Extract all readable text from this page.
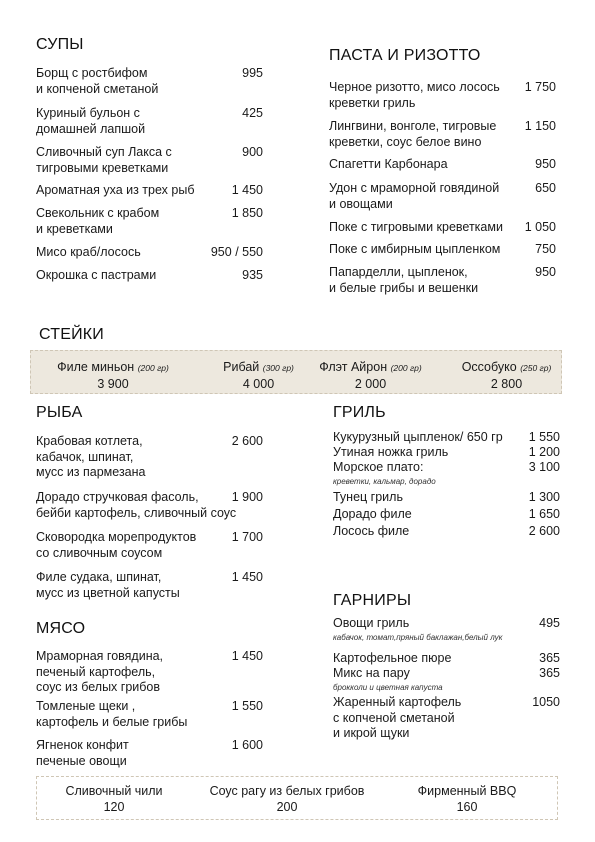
СУПЫ
Борщ с ростбифом
и копченой сметаной
995
Куриный бульон с
домашней лапшой
425
Сливочный суп Лакса с
тигровыми креветками
900
Ароматная уха из трех рыб	1 450
Свекольник с крабом
и креветками
1 850
Мисо краб/лосось	950 / 550
Окрошка с пастрами	935
ПАСТА И РИЗОТТО
Черное ризотто, мисо лосось
креветки гриль
1 750
Лингвини, вонголе, тигровые
креветки, соус белое вино
1 150
Спагетти Карбонара	950
Удон с мраморной говядиной
и овощами
650
Поке с тигровыми креветками	1 050
Поке с имбирным цыпленком	750
Папарделли, цыпленок,
и белые грибы и вешенки
950
СТЕЙКИ
Филе миньон (200 гр)
3 900
Рибай (300 гр)
4 000
Флэт Айрон (200 гр)
2 000
Оссобуко (250 гр)
2 800
РЫБА
Крабовая котлета,
кабачок, шпинат,
мусс из пармезана
2 600
Дорадо стручковая фасоль,
бейби картофель, сливочный соус
1 900
Сковородка морепродуктов
со сливочным соусом
1 700
Филе судака, шпинат,
мусс из цветной капусты
1 450
МЯСО
Мраморная говядина,
печеный картофель,
соус из белых грибов
1 450
Томленые щеки ,
картофель и белые грибы
1 550
Ягненок конфит
печеные овощи
1 600
ГРИЛЬ
Кукурузный цыпленок/ 650 гр	1 550
Утиная ножка гриль	1 200
Морское плато:
креветки, кальмар, дорадо
3 100
Тунец гриль	1 300
Дорадо филе	1 650
Лосось филе	2 600
ГАРНИРЫ
Овощи гриль
кабачок, томат,пряный баклажан,белый лук
495
Картофельное пюре	365
Микс на пару
брокколи и цветная капуста
365
Жаренный картофель
с копченой сметаной
и икрой щуки
1050
Сливочный чили
120
Соус рагу из белых грибов
200
Фирменный BBQ
160
